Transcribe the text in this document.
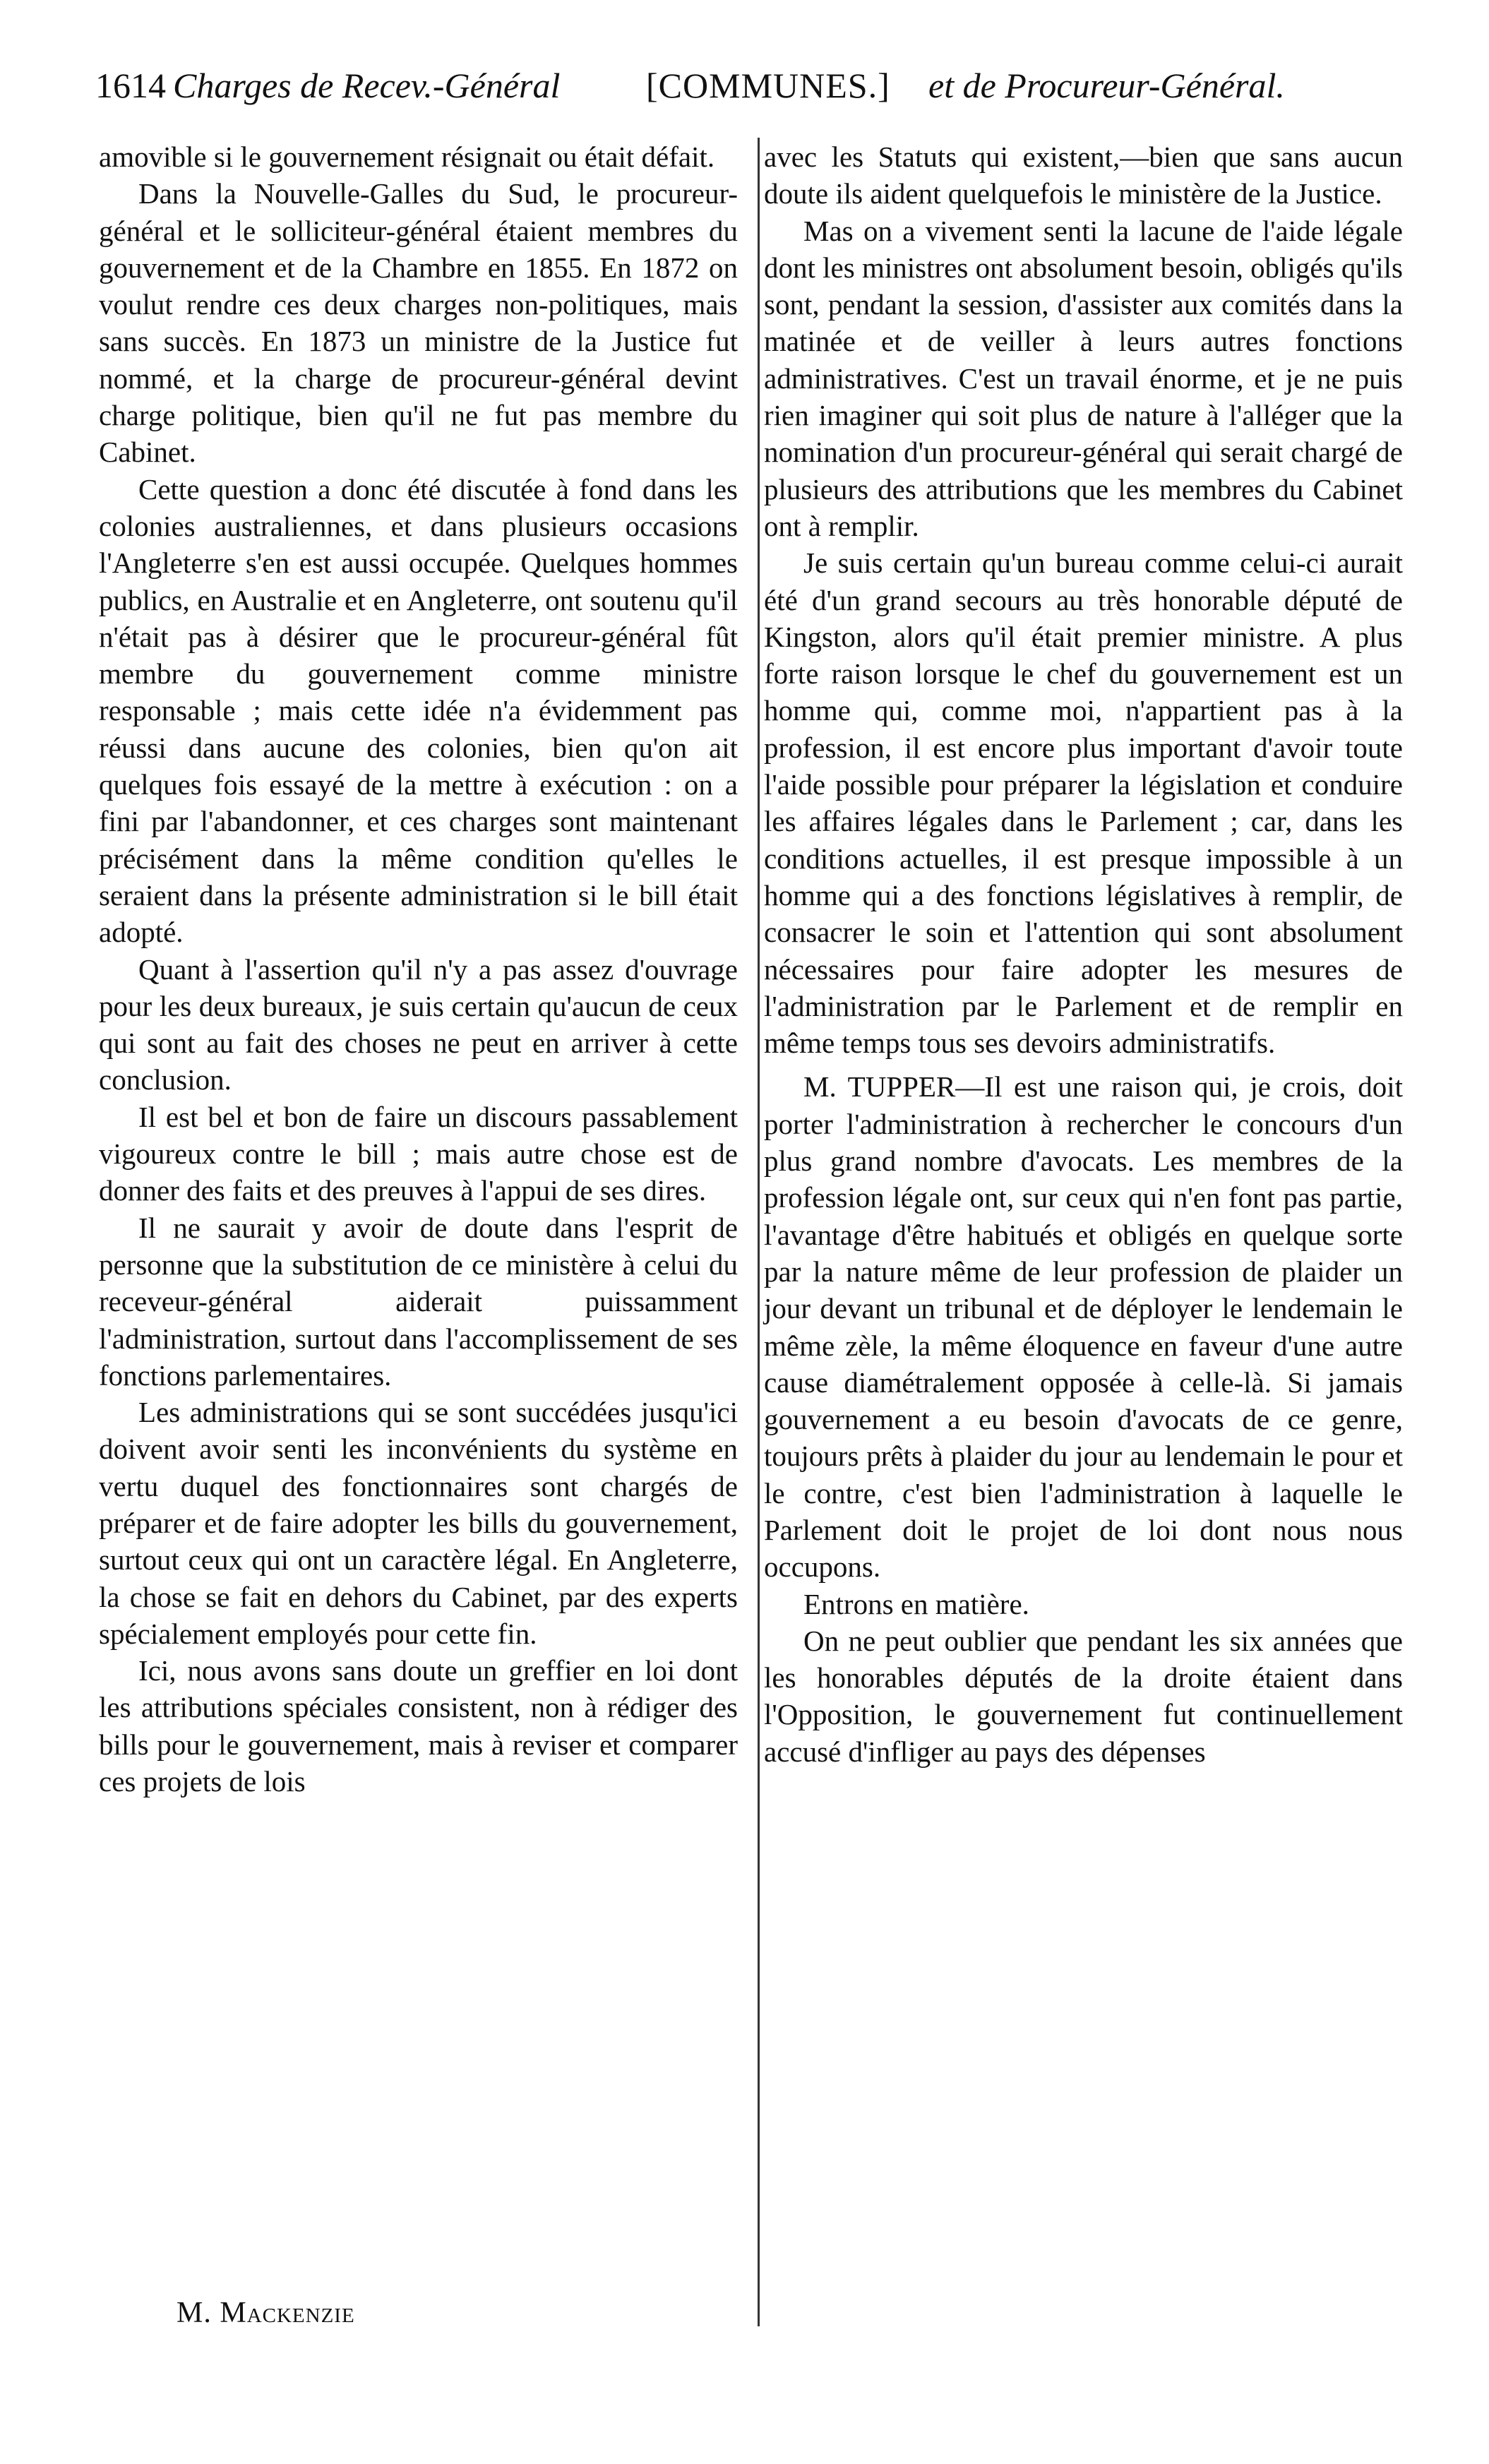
1614 Charges de Recev.-Général [COMMUNES.] et de Procureur-Général.

amovible si le gouvernement résignait ou était défait.

Dans la Nouvelle-Galles du Sud, le procureur-général et le solliciteur-général étaient membres du gouvernement et de la Chambre en 1855. En 1872 on voulut rendre ces deux charges non-politiques, mais sans succès. En 1873 un ministre de la Justice fut nommé, et la charge de procureur-général devint charge politique, bien qu'il ne fut pas membre du Cabinet.

Cette question a donc été discutée à fond dans les colonies australiennes, et dans plusieurs occasions l'Angleterre s'en est aussi occupée. Quelques hommes publics, en Australie et en Angleterre, ont soutenu qu'il n'était pas à désirer que le procureur-général fût membre du gouvernement comme ministre responsable ; mais cette idée n'a évidemment pas réussi dans aucune des colonies, bien qu'on ait quelques fois essayé de la mettre à exécution : on a fini par l'abandonner, et ces charges sont maintenant précisément dans la même condition qu'elles le seraient dans la présente administration si le bill était adopté.

Quant à l'assertion qu'il n'y a pas assez d'ouvrage pour les deux bureaux, je suis certain qu'aucun de ceux qui sont au fait des choses ne peut en arriver à cette conclusion.

Il est bel et bon de faire un discours passablement vigoureux contre le bill ; mais autre chose est de donner des faits et des preuves à l'appui de ses dires.

Il ne saurait y avoir de doute dans l'esprit de personne que la substitution de ce ministère à celui du receveur-général aiderait puissamment l'administration, surtout dans l'accomplissement de ses fonctions parlementaires.

Les administrations qui se sont succédées jusqu'ici doivent avoir senti les inconvénients du système en vertu duquel des fonctionnaires sont chargés de préparer et de faire adopter les bills du gouvernement, surtout ceux qui ont un caractère légal. En Angleterre, la chose se fait en dehors du Cabinet, par des experts spécialement employés pour cette fin.

Ici, nous avons sans doute un greffier en loi dont les attributions spéciales consistent, non à rédiger des bills pour le gouvernement, mais à reviser et comparer ces projets de lois

M. Mackenzie

avec les Statuts qui existent,—bien que sans aucun doute ils aident quelquefois le ministère de la Justice.

Mas on a vivement senti la lacune de l'aide légale dont les ministres ont absolument besoin, obligés qu'ils sont, pendant la session, d'assister aux comités dans la matinée et de veiller à leurs autres fonctions administratives. C'est un travail énorme, et je ne puis rien imaginer qui soit plus de nature à l'alléger que la nomination d'un procureur-général qui serait chargé de plusieurs des attributions que les membres du Cabinet ont à remplir.

Je suis certain qu'un bureau comme celui-ci aurait été d'un grand secours au très honorable député de Kingston, alors qu'il était premier ministre. A plus forte raison lorsque le chef du gouvernement est un homme qui, comme moi, n'appartient pas à la profession, il est encore plus important d'avoir toute l'aide possible pour préparer la législation et conduire les affaires légales dans le Parlement ; car, dans les conditions actuelles, il est presque impossible à un homme qui a des fonctions législatives à remplir, de consacrer le soin et l'attention qui sont absolument nécessaires pour faire adopter les mesures de l'administration par le Parlement et de remplir en même temps tous ses devoirs administratifs.

M. TUPPER—Il est une raison qui, je crois, doit porter l'administration à rechercher le concours d'un plus grand nombre d'avocats. Les membres de la profession légale ont, sur ceux qui n'en font pas partie, l'avantage d'être habitués et obligés en quelque sorte par la nature même de leur profession de plaider un jour devant un tribunal et de déployer le lendemain le même zèle, la même éloquence en faveur d'une autre cause diamétralement opposée à celle-là. Si jamais gouvernement a eu besoin d'avocats de ce genre, toujours prêts à plaider du jour au lendemain le pour et le contre, c'est bien l'administration à laquelle le Parlement doit le projet de loi dont nous nous occupons.

Entrons en matière.

On ne peut oublier que pendant les six années que les honorables députés de la droite étaient dans l'Opposition, le gouvernement fut continuellement accusé d'infliger au pays des dépenses
